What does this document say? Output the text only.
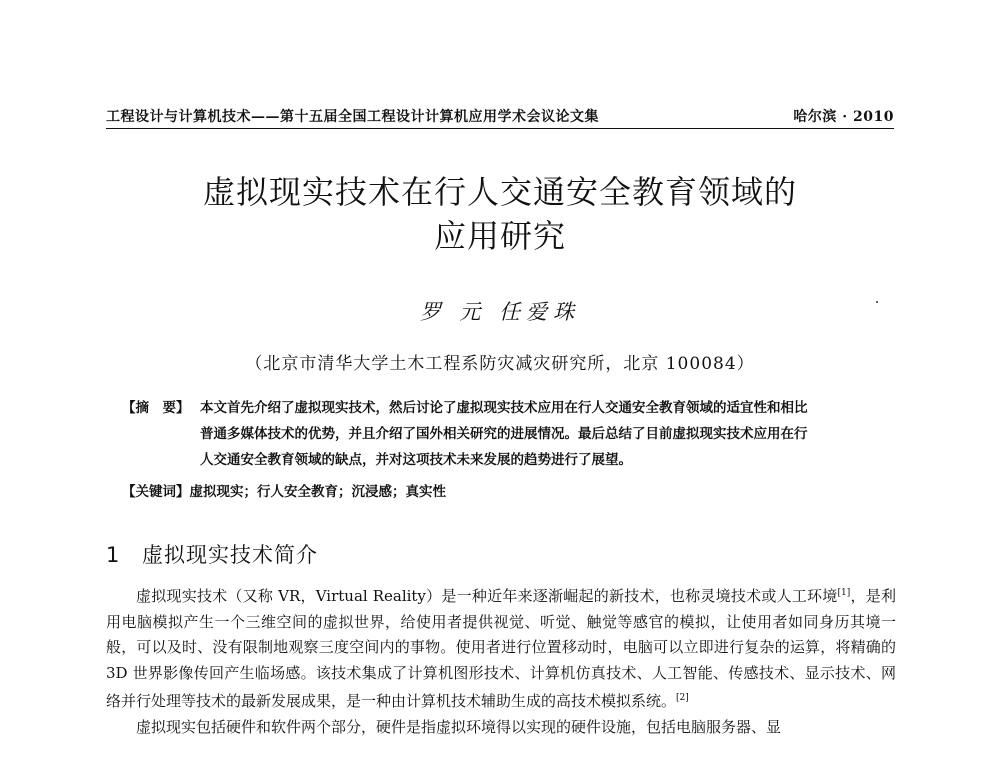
工程设计与计算机技术——第十五届全国工程设计计算机应用学术会议论文集	哈尔滨 · 2010
虚拟现实技术在行人交通安全教育领域的
应用研究
罗 元 任爱珠
（北京市清华大学土木工程系防灾减灾研究所，北京 100084）
【摘　要】 本文首先介绍了虚拟现实技术，然后讨论了虚拟现实技术应用在行人交通安全教育领域的适宜性和相比
普通多媒体技术的优势，并且介绍了国外相关研究的进展情况。最后总结了目前虚拟现实技术应用在行
人交通安全教育领域的缺点，并对这项技术未来发展的趋势进行了展望。
【关键词】虚拟现实；行人安全教育；沉浸感；真实性
1 虚拟现实技术简介

虚拟现实技术（又称 VR，Virtual Reality）是一种近年来逐渐崛起的新技术，也称灵境技术或人工环境[1]，是利用电脑模拟产生一个三维空间的虚拟世界，给使用者提供视觉、听觉、触觉等感官的模拟，让使用者如同身历其境一般，可以及时、没有限制地观察三度空间内的事物。使用者进行位置移动时，电脑可以立即进行复杂的运算，将精确的 3D 世界影像传回产生临场感。该技术集成了计算机图形技术、计算机仿真技术、人工智能、传感技术、显示技术、网络并行处理等技术的最新发展成果，是一种由计算机技术辅助生成的高技术模拟系统。[2]

虚拟现实包括硬件和软件两个部分，硬件是指虚拟环境得以实现的硬件设施，包括电脑服务器、显
